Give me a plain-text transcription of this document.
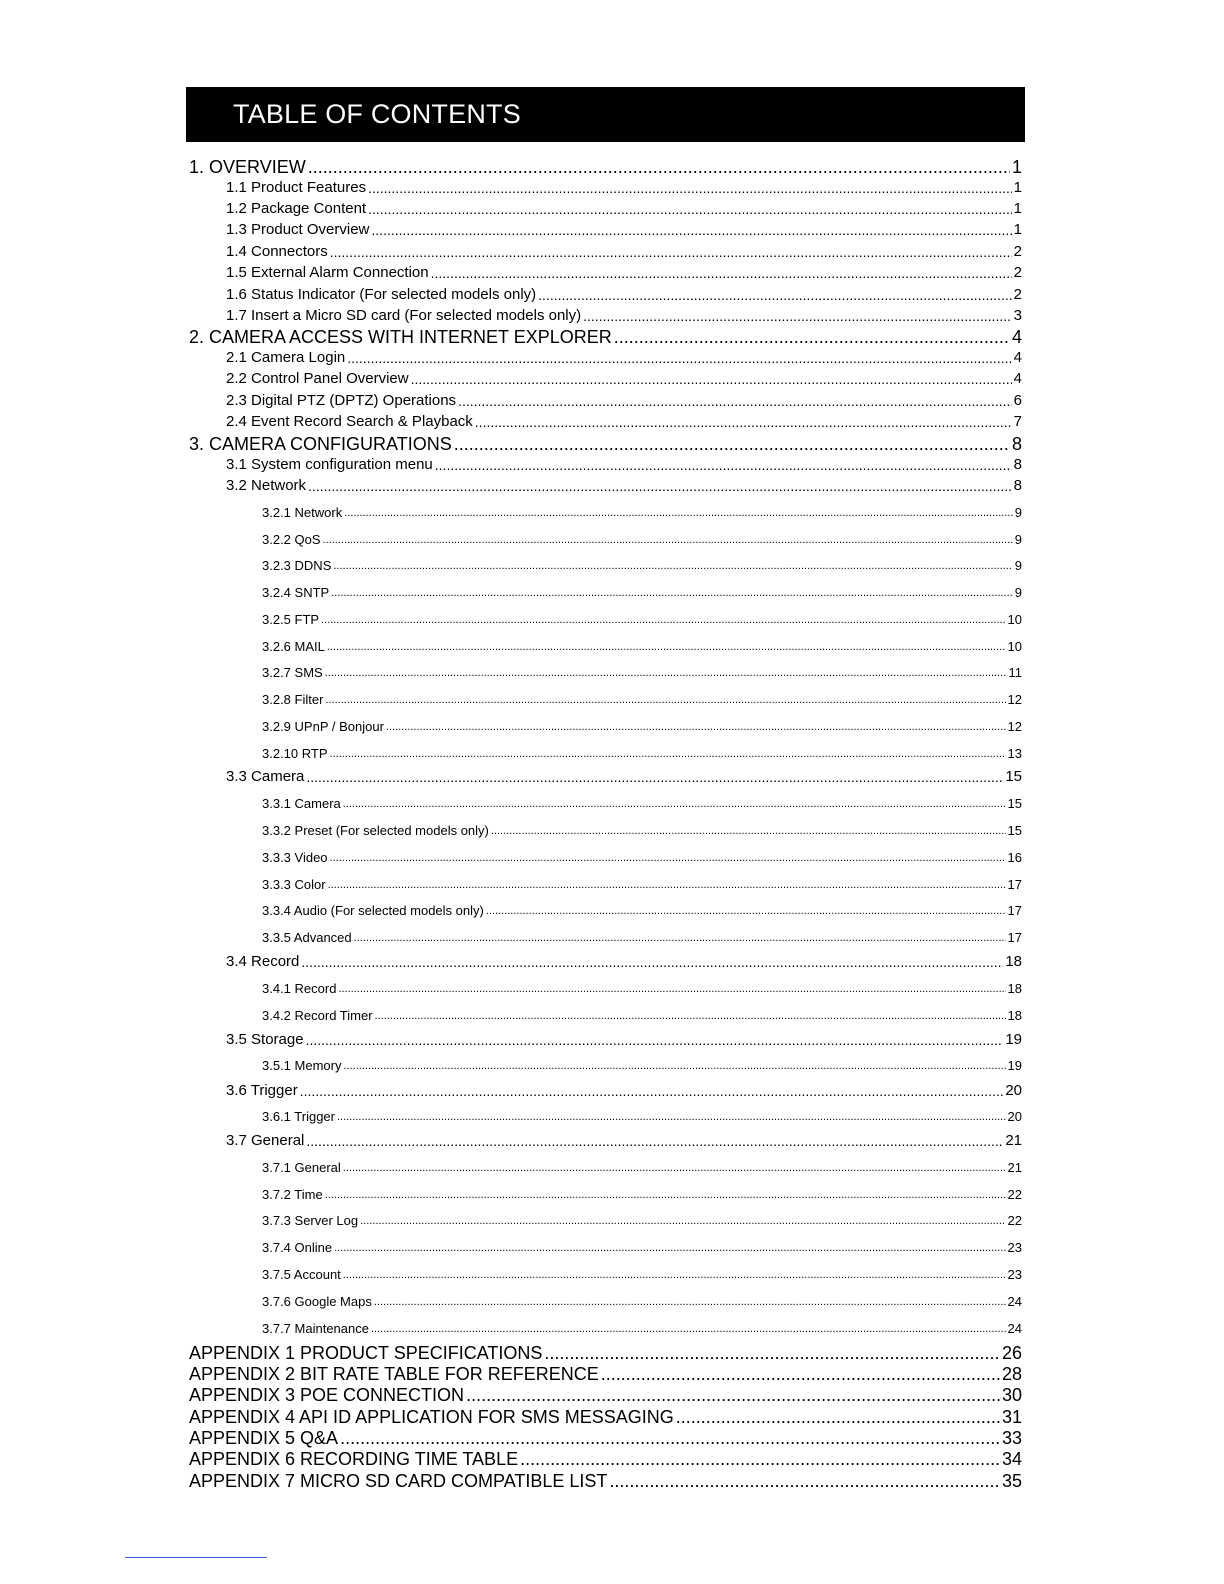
TABLE OF CONTENTS
1. OVERVIEW .....	1
1.1 Product Features .....	1
1.2 Package Content .....	1
1.3 Product Overview .....	1
1.4 Connectors .....	2
1.5 External Alarm Connection .....	2
1.6 Status Indicator (For selected models only) .....	2
1.7 Insert a Micro SD card (For selected models only) .....	3
2. CAMERA ACCESS WITH INTERNET EXPLORER .....	4
2.1 Camera Login .....	4
2.2 Control Panel Overview .....	4
2.3 Digital PTZ (DPTZ) Operations .....	6
2.4 Event Record Search & Playback .....	7
3. CAMERA CONFIGURATIONS .....	8
3.1 System configuration menu .....	8
3.2 Network .....	8
3.2.1 Network .....	9
3.2.2 QoS .....	9
3.2.3 DDNS .....	9
3.2.4 SNTP .....	9
3.2.5 FTP .....	10
3.2.6 MAIL .....	10
3.2.7 SMS .....	11
3.2.8 Filter .....	12
3.2.9 UPnP / Bonjour .....	12
3.2.10 RTP .....	13
3.3 Camera .....	15
3.3.1 Camera .....	15
3.3.2 Preset (For selected models only) .....	15
3.3.3 Video .....	16
3.3.3 Color .....	17
3.3.4 Audio (For selected models only) .....	17
3.3.5 Advanced .....	17
3.4 Record .....	18
3.4.1 Record .....	18
3.4.2 Record Timer .....	18
3.5 Storage .....	19
3.5.1 Memory .....	19
3.6 Trigger .....	20
3.6.1 Trigger .....	20
3.7 General .....	21
3.7.1 General .....	21
3.7.2 Time .....	22
3.7.3 Server Log .....	22
3.7.4 Online .....	23
3.7.5 Account .....	23
3.7.6 Google Maps .....	24
3.7.7 Maintenance .....	24
APPENDIX 1 PRODUCT SPECIFICATIONS .....	26
APPENDIX 2 BIT RATE TABLE FOR REFERENCE .....	28
APPENDIX 3 POE CONNECTION .....	30
APPENDIX 4 API ID APPLICATION FOR SMS MESSAGING .....	31
APPENDIX 5 Q&A .....	33
APPENDIX 6 RECORDING TIME TABLE .....	34
APPENDIX 7 MICRO SD CARD COMPATIBLE LIST .....	35
